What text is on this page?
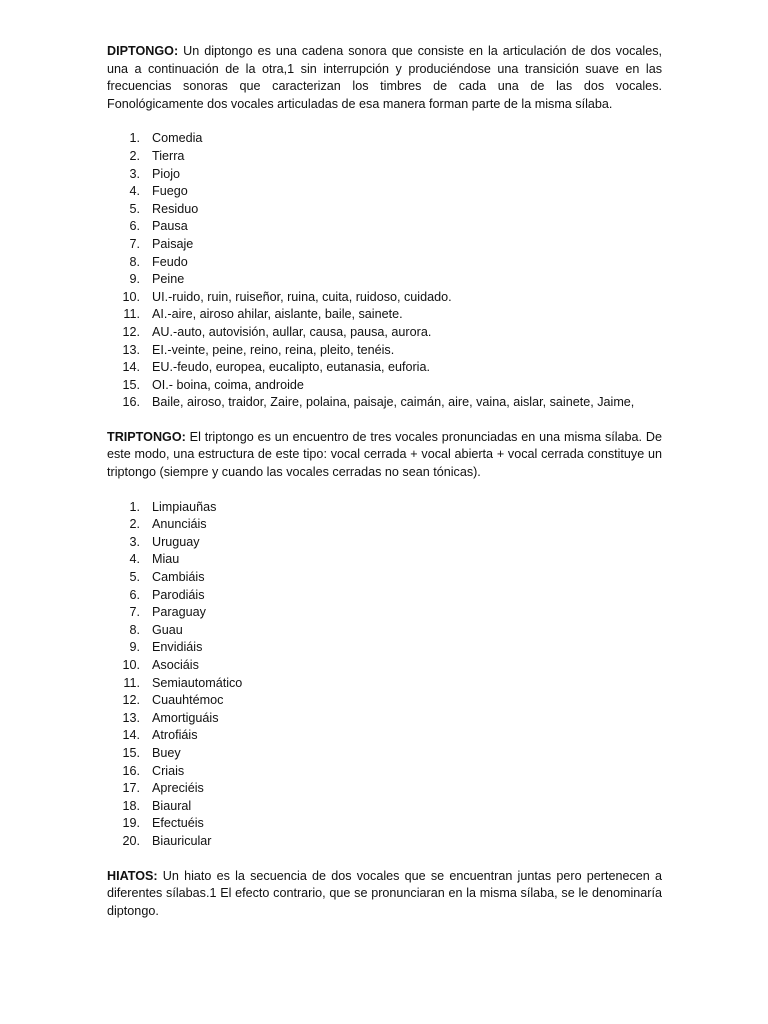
DIPTONGO: Un diptongo es una cadena sonora que consiste en la articulación de dos vocales, una a continuación de la otra,1 sin interrupción y produciéndose una transición suave en las frecuencias sonoras que caracterizan los timbres de cada una de las dos vocales. Fonológicamente dos vocales articuladas de esa manera forman parte de la misma sílaba.

1. Comedia
2. Tierra
3. Piojo
4. Fuego
5. Residuo
6. Pausa
7. Paisaje
8. Feudo
9. Peine
10. UI.-ruido, ruin, ruiseñor, ruina, cuita, ruidoso, cuidado.
11. AI.-aire, airoso ahilar, aislante, baile, sainete.
12. AU.-auto, autovisión, aullar, causa, pausa, aurora.
13. EI.-veinte, peine, reino, reina, pleito, tenéis.
14. EU.-feudo, europea, eucalipto, eutanasia, euforia.
15. OI.- boina, coima, androide
16. Baile, airoso, traidor, Zaire, polaina, paisaje, caimán, aire, vaina, aislar, sainete, Jaime,

TRIPTONGO: El triptongo es un encuentro de tres vocales pronunciadas en una misma sílaba. De este modo, una estructura de este tipo: vocal cerrada + vocal abierta + vocal cerrada constituye un triptongo (siempre y cuando las vocales cerradas no sean tónicas).

1. Limpiauñas
2. Anunciáis
3. Uruguay
4. Miau
5. Cambiáis
6. Parodiáis
7. Paraguay
8. Guau
9. Envidiáis
10. Asociáis
11. Semiautomático
12. Cuauhtémoc
13. Amortiguáis
14. Atrofiáis
15. Buey
16. Criais
17. Apreciéis
18. Biaural
19. Efectuéis
20. Biauricular

HIATOS: Un hiato es la secuencia de dos vocales que se encuentran juntas pero pertenecen a diferentes sílabas.1 El efecto contrario, que se pronunciaran en la misma sílaba, se le denominaría diptongo.
